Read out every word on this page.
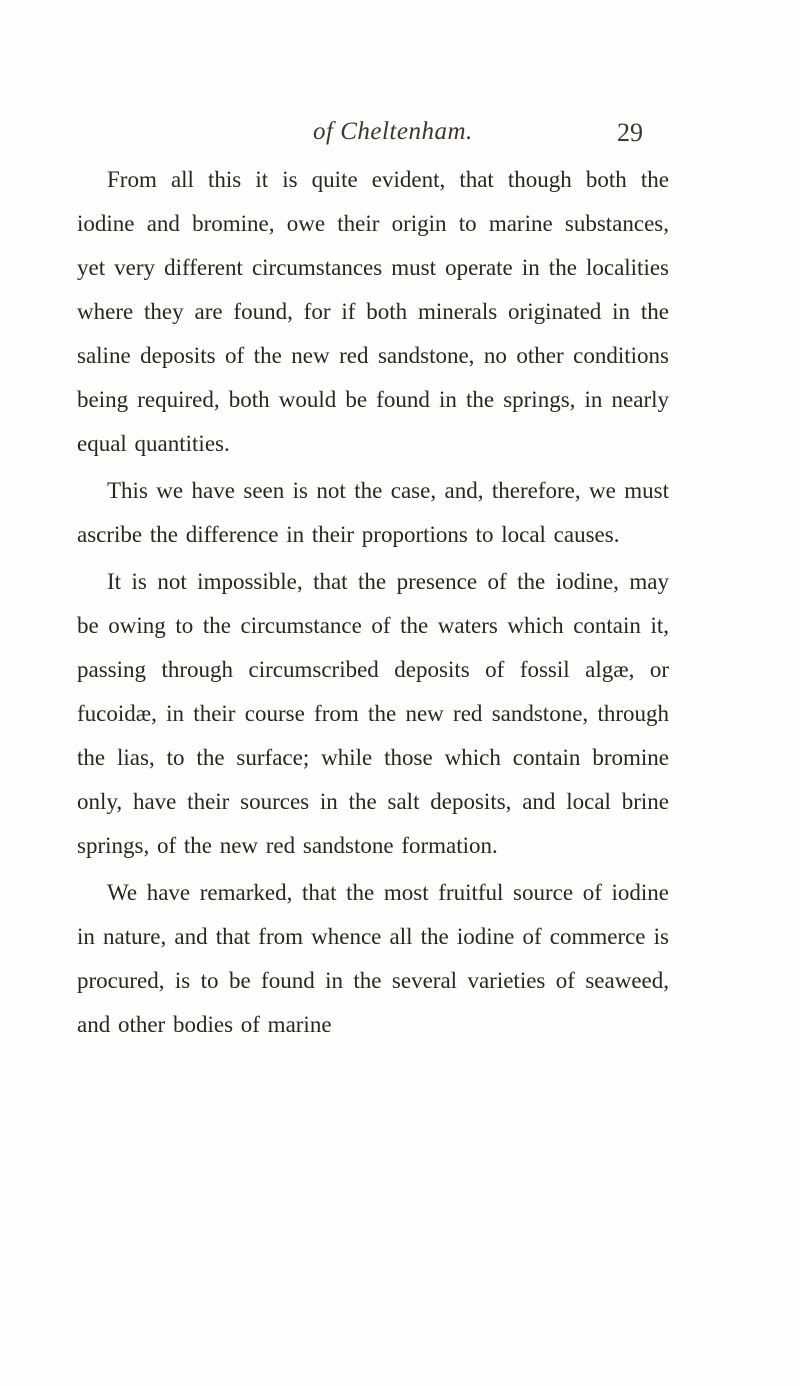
of Cheltenham.	29

From all this it is quite evident, that though both the iodine and bromine, owe their origin to marine substances, yet very different circumstances must operate in the localities where they are found, for if both minerals originated in the saline deposits of the new red sandstone, no other conditions being required, both would be found in the springs, in nearly equal quantities.

This we have seen is not the case, and, therefore, we must ascribe the difference in their proportions to local causes.

It is not impossible, that the presence of the iodine, may be owing to the circumstance of the waters which contain it, passing through circumscribed deposits of fossil algæ, or fucoidæ, in their course from the new red sandstone, through the lias, to the surface; while those which contain bromine only, have their sources in the salt deposits, and local brine springs, of the new red sandstone formation.

We have remarked, that the most fruitful source of iodine in nature, and that from whence all the iodine of commerce is procured, is to be found in the several varieties of seaweed, and other bodies of marine
